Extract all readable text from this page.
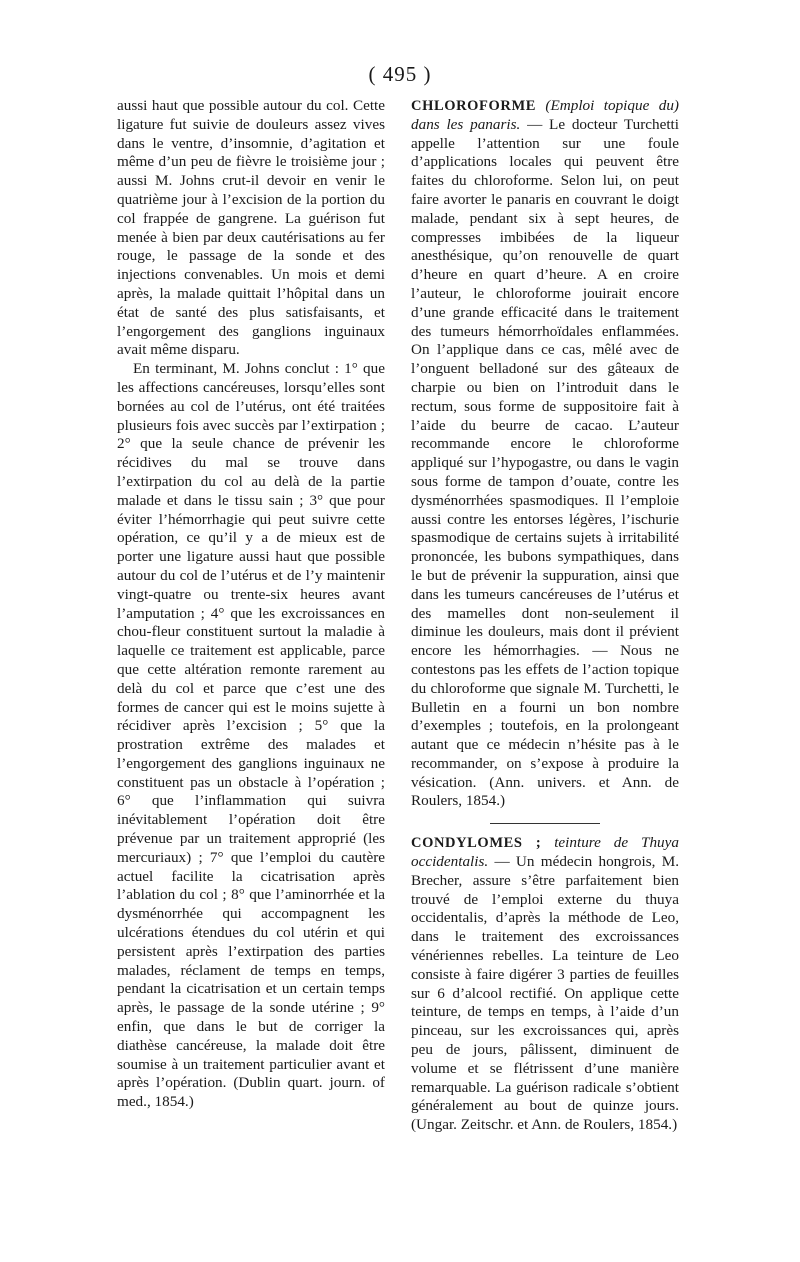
( 495 )

aussi haut que possible autour du col. Cette ligature fut suivie de douleurs assez vives dans le ventre, d’insomnie, d’agitation et même d’un peu de fièvre le troisième jour ; aussi M. Johns crut-il devoir en venir le quatrième jour à l’excision de la portion du col frappée de gangrene. La guérison fut menée à bien par deux cautérisations au fer rouge, le passage de la sonde et des injections convenables. Un mois et demi après, la malade quittait l’hôpital dans un état de santé des plus satisfaisants, et l’engorgement des ganglions inguinaux avait même disparu.

En terminant, M. Johns conclut : 1° que les affections cancéreuses, lorsqu’elles sont bornées au col de l’utérus, ont été traitées plusieurs fois avec succès par l’extirpation ; 2° que la seule chance de prévenir les récidives du mal se trouve dans l’extirpation du col au delà de la partie malade et dans le tissu sain ; 3° que pour éviter l’hémorrhagie qui peut suivre cette opération, ce qu’il y a de mieux est de porter une ligature aussi haut que possible autour du col de l’utérus et de l’y maintenir vingt-quatre ou trente-six heures avant l’amputation ; 4° que les excroissances en chou-fleur constituent surtout la maladie à laquelle ce traitement est applicable, parce que cette altération remonte rarement au delà du col et parce que c’est une des formes de cancer qui est le moins sujette à récidiver après l’excision ; 5° que la prostration extrême des malades et l’engorgement des ganglions inguinaux ne constituent pas un obstacle à l’opération ; 6° que l’inflammation qui suivra inévitablement l’opération doit être prévenue par un traitement approprié (les mercuriaux) ; 7° que l’emploi du cautère actuel facilite la cicatrisation après l’ablation du col ; 8° que l’aminorrhée et la dysménorrhée qui accompagnent les ulcérations étendues du col utérin et qui persistent après l’extirpation des parties malades, réclament de temps en temps, pendant la cicatrisation et un certain temps après, le passage de la sonde utérine ; 9° enfin, que dans le but de corriger la diathèse cancéreuse, la malade doit être soumise à un traitement particulier avant et après l’opération. (Dublin quart. journ. of med., 1854.)

CHLOROFORME (Emploi topique du) dans les panaris. — Le docteur Turchetti appelle l’attention sur une foule d’applications locales qui peuvent être faites du chloroforme. Selon lui, on peut faire avorter le panaris en couvrant le doigt malade, pendant six à sept heures, de compresses imbibées de la liqueur anesthésique, qu’on renouvelle de quart d’heure en quart d’heure. A en croire l’auteur, le chloroforme jouirait encore d’une grande efficacité dans le traitement des tumeurs hémorrhoïdales enflammées. On l’applique dans ce cas, mêlé avec de l’onguent belladoné sur des gâteaux de charpie ou bien on l’introduit dans le rectum, sous forme de suppositoire fait à l’aide du beurre de cacao. L’auteur recommande encore le chloroforme appliqué sur l’hypogastre, ou dans le vagin sous forme de tampon d’ouate, contre les dysménorrhées spasmodiques. Il l’emploie aussi contre les entorses légères, l’ischurie spasmodique de certains sujets à irritabilité prononcée, les bubons sympathiques, dans le but de prévenir la suppuration, ainsi que dans les tumeurs cancéreuses de l’utérus et des mamelles dont non-seulement il diminue les douleurs, mais dont il prévient encore les hémorrhagies. — Nous ne contestons pas les effets de l’action topique du chloroforme que signale M. Turchetti, le Bulletin en a fourni un bon nombre d’exemples ; toutefois, en la prolongeant autant que ce médecin n’hésite pas à le recommander, on s’expose à produire la vésication. (Ann. univers. et Ann. de Roulers, 1854.)

CONDYLOMES ; teinture de Thuya occidentalis. — Un médecin hongrois, M. Brecher, assure s’être parfaitement bien trouvé de l’emploi externe du thuya occidentalis, d’après la méthode de Leo, dans le traitement des excroissances vénériennes rebelles. La teinture de Leo consiste à faire digérer 3 parties de feuilles sur 6 d’alcool rectifié. On applique cette teinture, de temps en temps, à l’aide d’un pinceau, sur les excroissances qui, après peu de jours, pâlissent, diminuent de volume et se flétrissent d’une manière remarquable. La guérison radicale s’obtient généralement au bout de quinze jours. (Ungar. Zeitschr. et Ann. de Roulers, 1854.)
